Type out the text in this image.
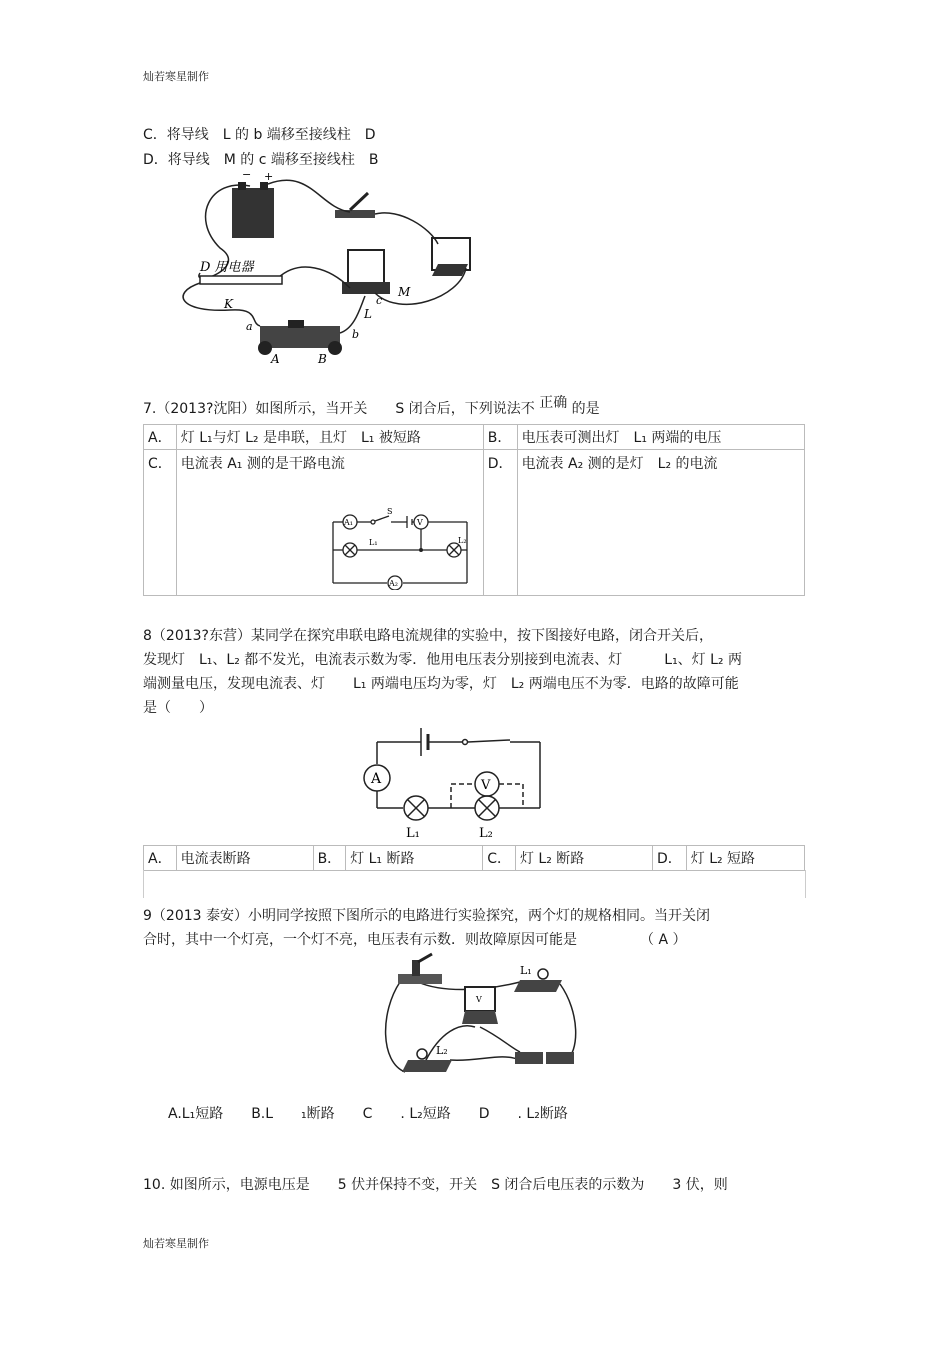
灿若寒星制作
C．将导线　L 的 b 端移至接线柱　D
D．将导线　M 的 c 端移至接线柱　B
− +
D 用电器
K
a
A	B
b
L
c
M
7.（2013?沈阳）如图所示，当开关　　S 闭合后，下列说法不 正确 的是
A．	灯 L₁与灯 L₂ 是串联，且灯　L₁ 被短路	B．	电压表可测出灯　L₁ 两端的电压
C．	电流表 A₁ 测的是干路电流	D．	电流表 A₂ 测的是灯　L₂ 的电流
A₁
S
V
L₁	L₂
A₂
8（2013?东营）某同学在探究串联电路电流规律的实验中，按下图接好电路，闭合开关后，
发现灯　L₁、L₂ 都不发光，电流表示数为零．他用电压表分别接到电流表、灯　　　L₁、灯 L₂ 两
端测量电压，发现电流表、灯　　L₁ 两端电压均为零，灯　L₂ 两端电压不为零．电路的故障可能
是（　　）
A	V
L₁	L₂
A．	电流表断路	B．	灯 L₁ 断路	C．	灯 L₂ 断路	D．	灯 L₂ 短路
9（2013 泰安）小明同学按照下图所示的电路进行实验探究，两个灯的规格相同。当开关闭
合时，其中一个灯亮，一个灯不亮，电压表有示数．则故障原因可能是　　　　　（ A ）
L₁
V
L₂
A.L₁短路　　B.L　　₁断路　　C　　. L₂短路　　D　　. L₂断路
10. 如图所示，电源电压是　　5 伏并保持不变，开关　S 闭合后电压表的示数为　　3 伏，则
灿若寒星制作
